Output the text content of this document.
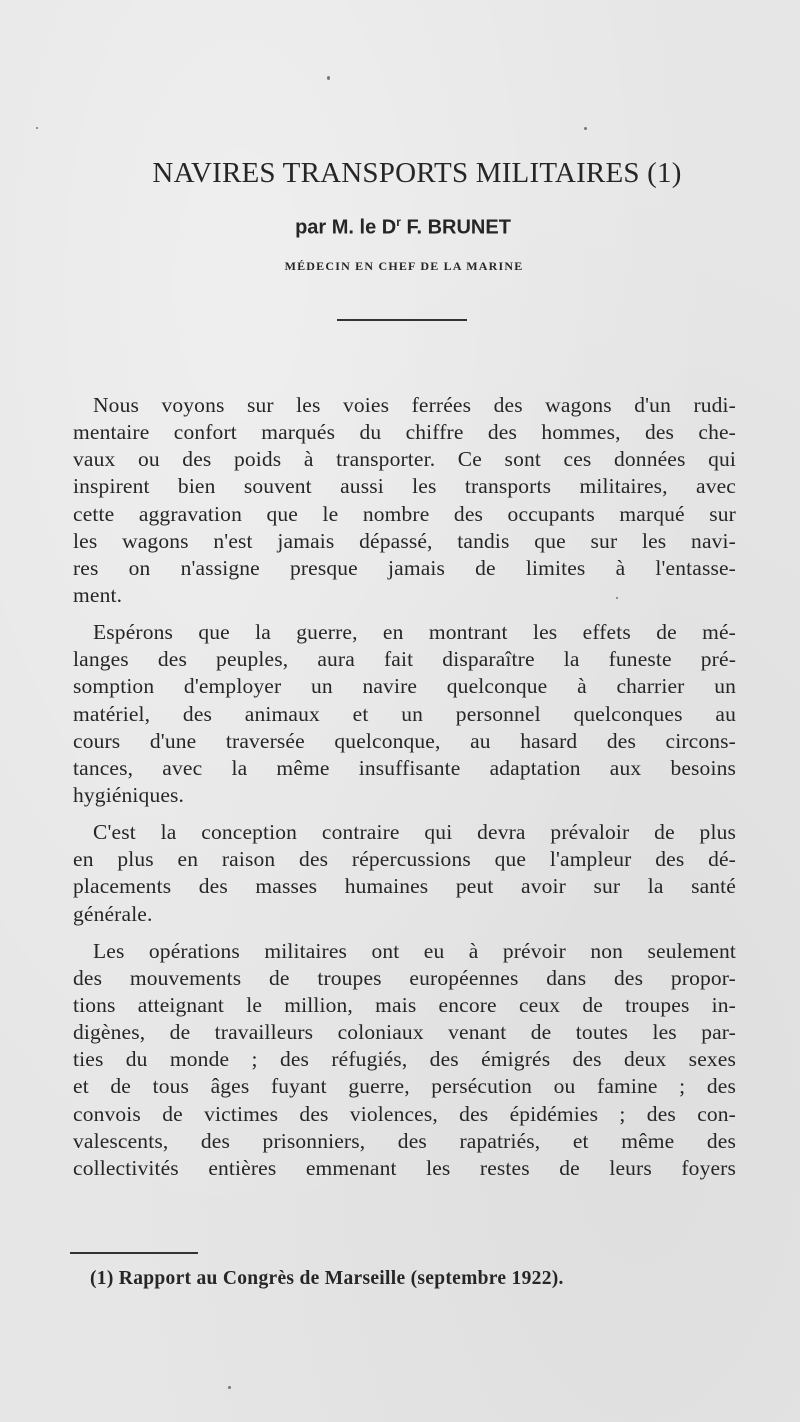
NAVIRES TRANSPORTS MILITAIRES (1)
par M. le $D^r$ F. BRUNET
MÉDECIN EN CHEF DE LA MARINE
Nous voyons sur les voies ferrées des wagons d'un rudi-
mentaire confort marqués du chiffre des hommes, des che-
vaux ou des poids à transporter. Ce sont ces données qui
inspirent bien souvent aussi les transports militaires, avec
cette aggravation que le nombre des occupants marqué sur
les wagons n'est jamais dépassé, tandis que sur les navi-
res on n'assigne presque jamais de limites à l'entasse-
ment.
Espérons que la guerre, en montrant les effets de mé-
langes des peuples, aura fait disparaître la funeste pré-
somption d'employer un navire quelconque à charrier un
matériel, des animaux et un personnel quelconques au
cours d'une traversée quelconque, au hasard des circons-
tances, avec la même insuffisante adaptation aux besoins
hygiéniques.
C'est la conception contraire qui devra prévaloir de plus
en plus en raison des répercussions que l'ampleur des dé-
placements des masses humaines peut avoir sur la santé
générale.
Les opérations militaires ont eu à prévoir non seulement
des mouvements de troupes européennes dans des propor-
tions atteignant le million, mais encore ceux de troupes in-
digènes, de travailleurs coloniaux venant de toutes les par-
ties du monde ; des réfugiés, des émigrés des deux sexes
et de tous âges fuyant guerre, persécution ou famine ; des
convois de victimes des violences, des épidémies ; des con-
valescents, des prisonniers, des rapatriés, et même des
collectivités entières emmenant les restes de leurs foyers
(1) Rapport au Congrès de Marseille (septembre 1922).
